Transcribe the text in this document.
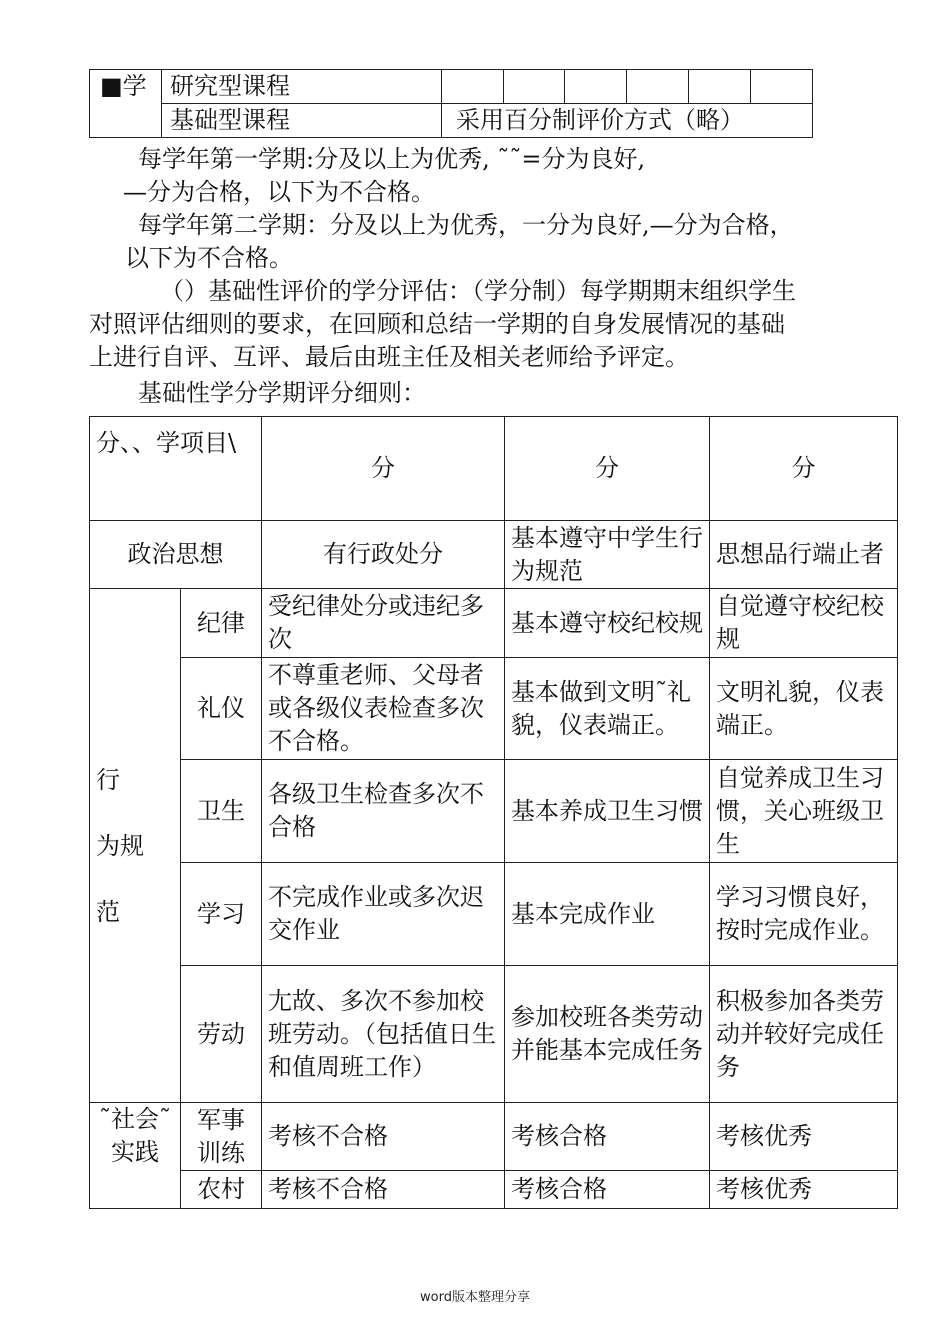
■学	研究型课程						
	基础型课程	采用百分制评价方式（略）					

每学年第一学期:分及以上为优秀, ˜˜=分为良好,

—分为合格，以下为不合格。

每学年第二学期：分及以上为优秀，一分为良好,—分为合格，

以下为不合格。

（）基础性评价的学分评估：（学分制）每学期期末组织学生

对照评估细则的要求，在回顾和总结一学期的自身发展情况的基础

上进行自评、互评、最后由班主任及相关老师给予评定。

基础性学分学期评分细则：

分、、学项目\		分	分	分
政治思想		有行政处分	基本遵守中学生行为规范	思想品行端止者

行
为规
范	纪律	受纪律处分或违纪多次	基本遵守校纪校规	自觉遵守校纪校规
	礼仪	不尊重老师、父母者或各级仪表检查多次不合格。	基本做到文明˜礼貌，仪表端正。	文明礼貌，仪表端正。
	卫生	各级卫生检查多次不合格	基本养成卫生习惯	自觉养成卫生习惯，关心班级卫生
	学习	不完成作业或多次迟交作业	基本完成作业	学习习惯良好，按时完成作业。
	劳动	尢故、多次不参加校班劳动。（包括值日生和值周班工作）	参加校班各类劳动并能基本完成任务	积极参加各类劳动并较好完成任务
˜社会˜实践	军事训练	考核不合格	考核合格	考核优秀
	农村	考核不合格	考核合格	考核优秀
word版本整理分享
